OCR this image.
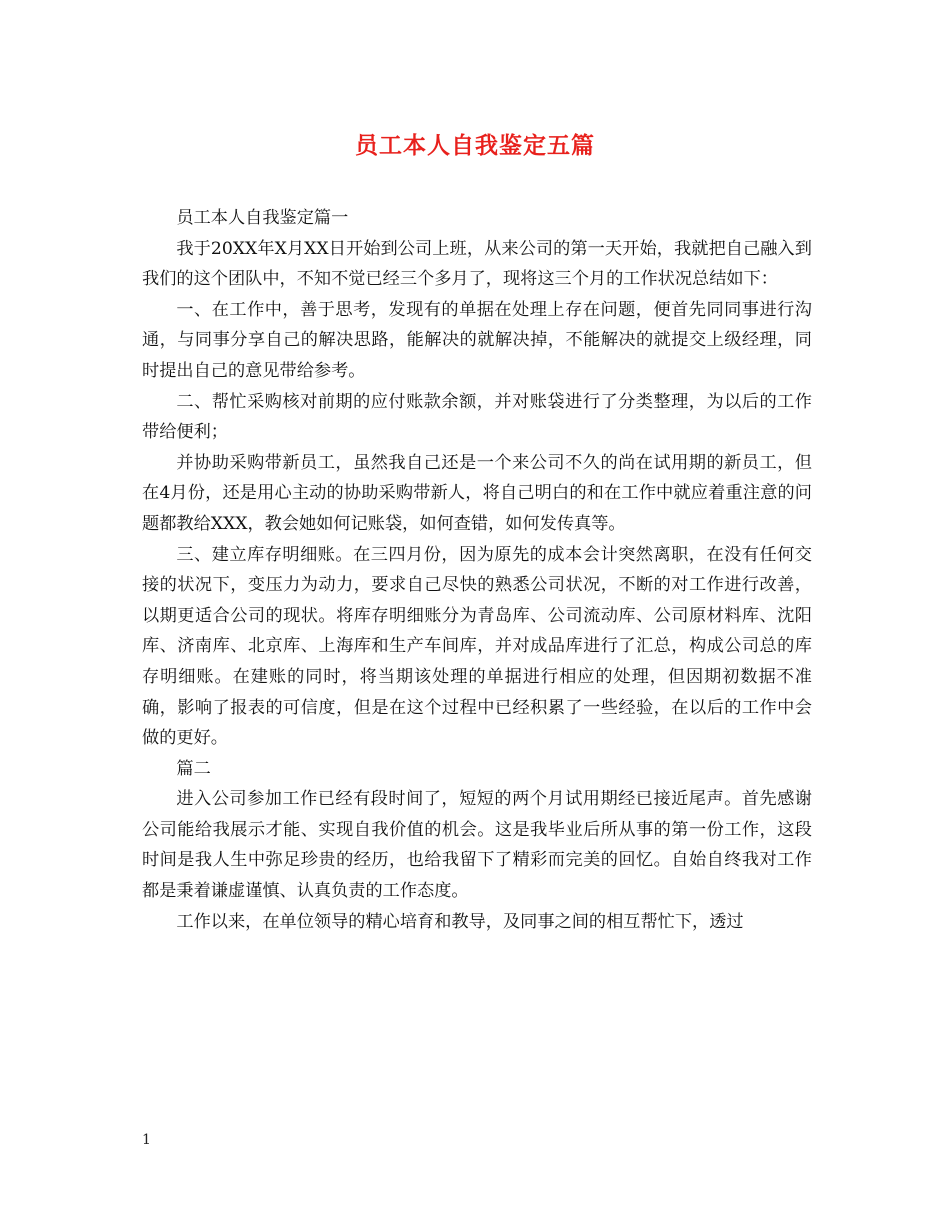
员工本人自我鉴定五篇

员工本人自我鉴定篇一

我于20XX年X月XX日开始到公司上班，从来公司的第一天开始，我就把自己融入到我们的这个团队中，不知不觉已经三个多月了，现将这三个月的工作状况总结如下：

一、在工作中，善于思考，发现有的单据在处理上存在问题，便首先同同事进行沟通，与同事分享自己的解决思路，能解决的就解决掉，不能解决的就提交上级经理，同时提出自己的意见带给参考。

二、帮忙采购核对前期的应付账款余额，并对账袋进行了分类整理，为以后的工作带给便利；

并协助采购带新员工，虽然我自己还是一个来公司不久的尚在试用期的新员工，但在4月份，还是用心主动的协助采购带新人，将自己明白的和在工作中就应着重注意的问题都教给XXX，教会她如何记账袋，如何查错，如何发传真等。

三、建立库存明细账。在三四月份，因为原先的成本会计突然离职，在没有任何交接的状况下，变压力为动力，要求自己尽快的熟悉公司状况，不断的对工作进行改善，以期更适合公司的现状。将库存明细账分为青岛库、公司流动库、公司原材料库、沈阳库、济南库、北京库、上海库和生产车间库，并对成品库进行了汇总，构成公司总的库存明细账。在建账的同时，将当期该处理的单据进行相应的处理，但因期初数据不准确，影响了报表的可信度，但是在这个过程中已经积累了一些经验，在以后的工作中会做的更好。

篇二

进入公司参加工作已经有段时间了，短短的两个月试用期经已接近尾声。首先感谢公司能给我展示才能、实现自我价值的机会。这是我毕业后所从事的第一份工作，这段时间是我人生中弥足珍贵的经历，也给我留下了精彩而完美的回忆。自始自终我对工作都是秉着谦虚谨慎、认真负责的工作态度。

工作以来，在单位领导的精心培育和教导，及同事之间的相互帮忙下，透过

1
